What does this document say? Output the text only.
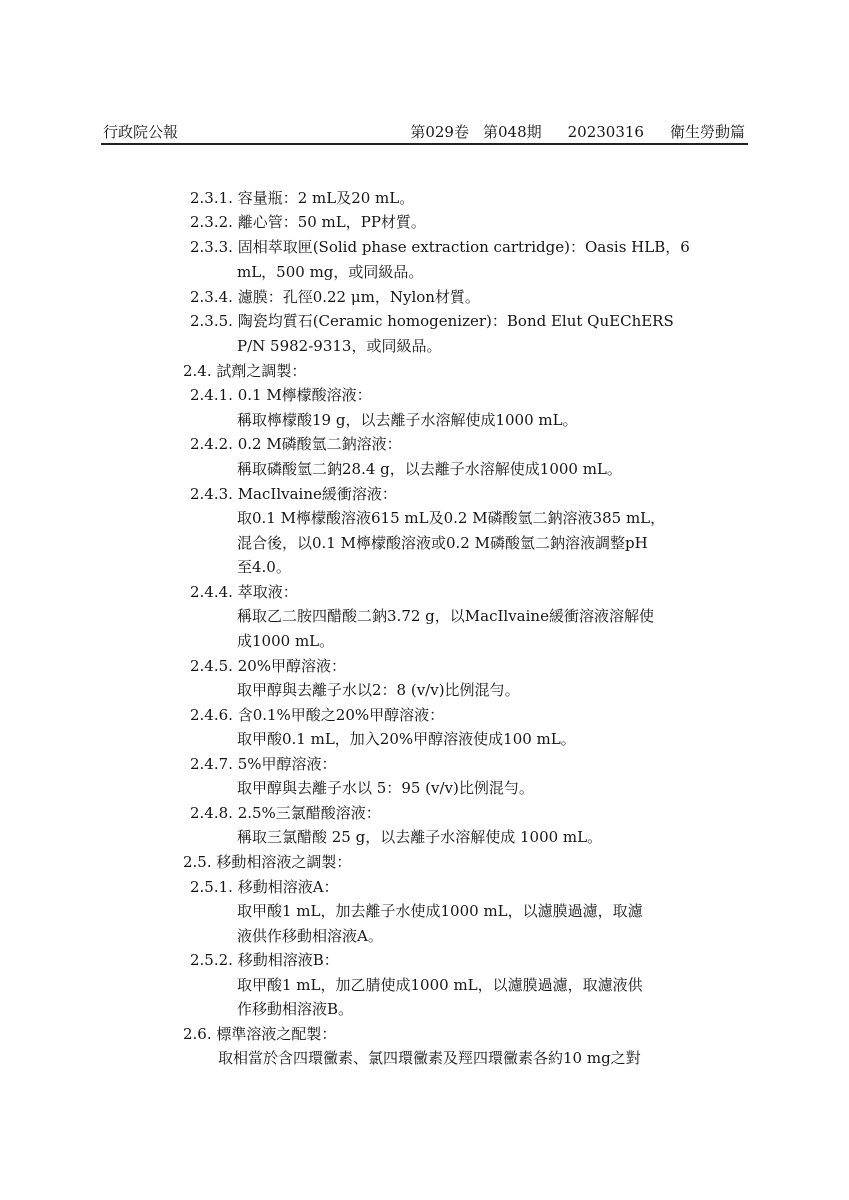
行政院公報	第029卷 第048期 20230316 衛生勞動篇
2.3.1. 容量瓶：2 mL及20 mL。
2.3.2. 離心管：50 mL，PP材質。
2.3.3. 固相萃取匣(Solid phase extraction cartridge)：Oasis HLB，6
mL，500 mg，或同級品。
2.3.4. 濾膜：孔徑0.22 μm，Nylon材質。
2.3.5. 陶瓷均質石(Ceramic homogenizer)：Bond Elut QuEChERS
P/N 5982-9313，或同級品。
2.4. 試劑之調製：
2.4.1. 0.1 M檸檬酸溶液：
稱取檸檬酸19 g，以去離子水溶解使成1000 mL。
2.4.2. 0.2 M磷酸氫二鈉溶液：
稱取磷酸氫二鈉28.4 g，以去離子水溶解使成1000 mL。
2.4.3. MacIlvaine緩衝溶液：
取0.1 M檸檬酸溶液615 mL及0.2 M磷酸氫二鈉溶液385 mL，
混合後，以0.1 M檸檬酸溶液或0.2 M磷酸氫二鈉溶液調整pH
至4.0。
2.4.4. 萃取液：
稱取乙二胺四醋酸二鈉3.72 g，以MacIlvaine緩衝溶液溶解使
成1000 mL。
2.4.5. 20%甲醇溶液：
取甲醇與去離子水以2：8 (v/v)比例混勻。
2.4.6. 含0.1%甲酸之20%甲醇溶液：
取甲酸0.1 mL，加入20%甲醇溶液使成100 mL。
2.4.7. 5%甲醇溶液：
取甲醇與去離子水以 5：95 (v/v)比例混勻。
2.4.8. 2.5%三氯醋酸溶液：
稱取三氯醋酸 25 g，以去離子水溶解使成 1000 mL。
2.5. 移動相溶液之調製：
2.5.1. 移動相溶液A：
取甲酸1 mL，加去離子水使成1000 mL，以濾膜過濾，取濾
液供作移動相溶液A。
2.5.2. 移動相溶液B：
取甲酸1 mL，加乙腈使成1000 mL，以濾膜過濾，取濾液供
作移動相溶液B。
2.6. 標準溶液之配製：
取相當於含四環黴素、氯四環黴素及羥四環黴素各約10 mg之對
